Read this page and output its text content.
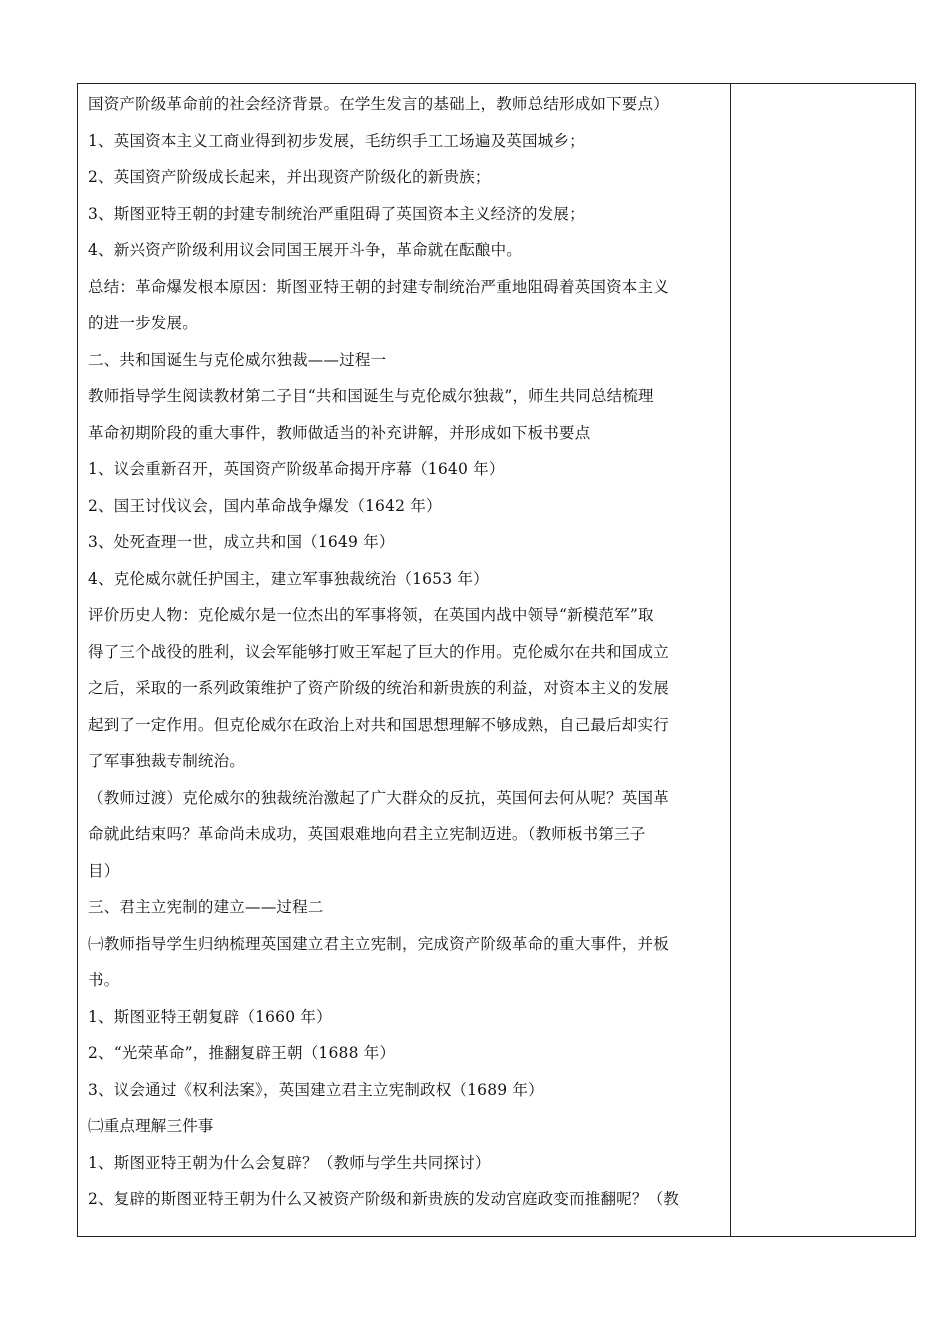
国资产阶级革命前的社会经济背景。在学生发言的基础上，教师总结形成如下要点）
1、英国资本主义工商业得到初步发展，毛纺织手工工场遍及英国城乡；
2、英国资产阶级成长起来，并出现资产阶级化的新贵族；
3、斯图亚特王朝的封建专制统治严重阻碍了英国资本主义经济的发展；
4、新兴资产阶级利用议会同国王展开斗争，革命就在酝酿中。
总结：革命爆发根本原因：斯图亚特王朝的封建专制统治严重地阻碍着英国资本主义
的进一步发展。
二、共和国诞生与克伦威尔独裁——过程一
教师指导学生阅读教材第二子目“共和国诞生与克伦威尔独裁”，师生共同总结梳理
革命初期阶段的重大事件，教师做适当的补充讲解，并形成如下板书要点
1、议会重新召开，英国资产阶级革命揭开序幕（1640 年）
2、国王讨伐议会，国内革命战争爆发（1642 年）
3、处死查理一世，成立共和国（1649 年）
4、克伦威尔就任护国主，建立军事独裁统治（1653 年）
评价历史人物：克伦威尔是一位杰出的军事将领，在英国内战中领导“新模范军”取
得了三个战役的胜利，议会军能够打败王军起了巨大的作用。克伦威尔在共和国成立
之后，采取的一系列政策维护了资产阶级的统治和新贵族的利益，对资本主义的发展
起到了一定作用。但克伦威尔在政治上对共和国思想理解不够成熟，自己最后却实行
了军事独裁专制统治。
（教师过渡）克伦威尔的独裁统治激起了广大群众的反抗，英国何去何从呢？英国革
命就此结束吗？革命尚未成功，英国艰难地向君主立宪制迈进。（教师板书第三子
目）
三、君主立宪制的建立——过程二
㈠教师指导学生归纳梳理英国建立君主立宪制，完成资产阶级革命的重大事件，并板
书。
1、斯图亚特王朝复辟（1660 年）
2、“光荣革命”，推翻复辟王朝（1688 年）
3、议会通过《权利法案》，英国建立君主立宪制政权（1689 年）
㈡重点理解三件事
1、斯图亚特王朝为什么会复辟？（教师与学生共同探讨）
2、复辟的斯图亚特王朝为什么又被资产阶级和新贵族的发动宫庭政变而推翻呢？（教
